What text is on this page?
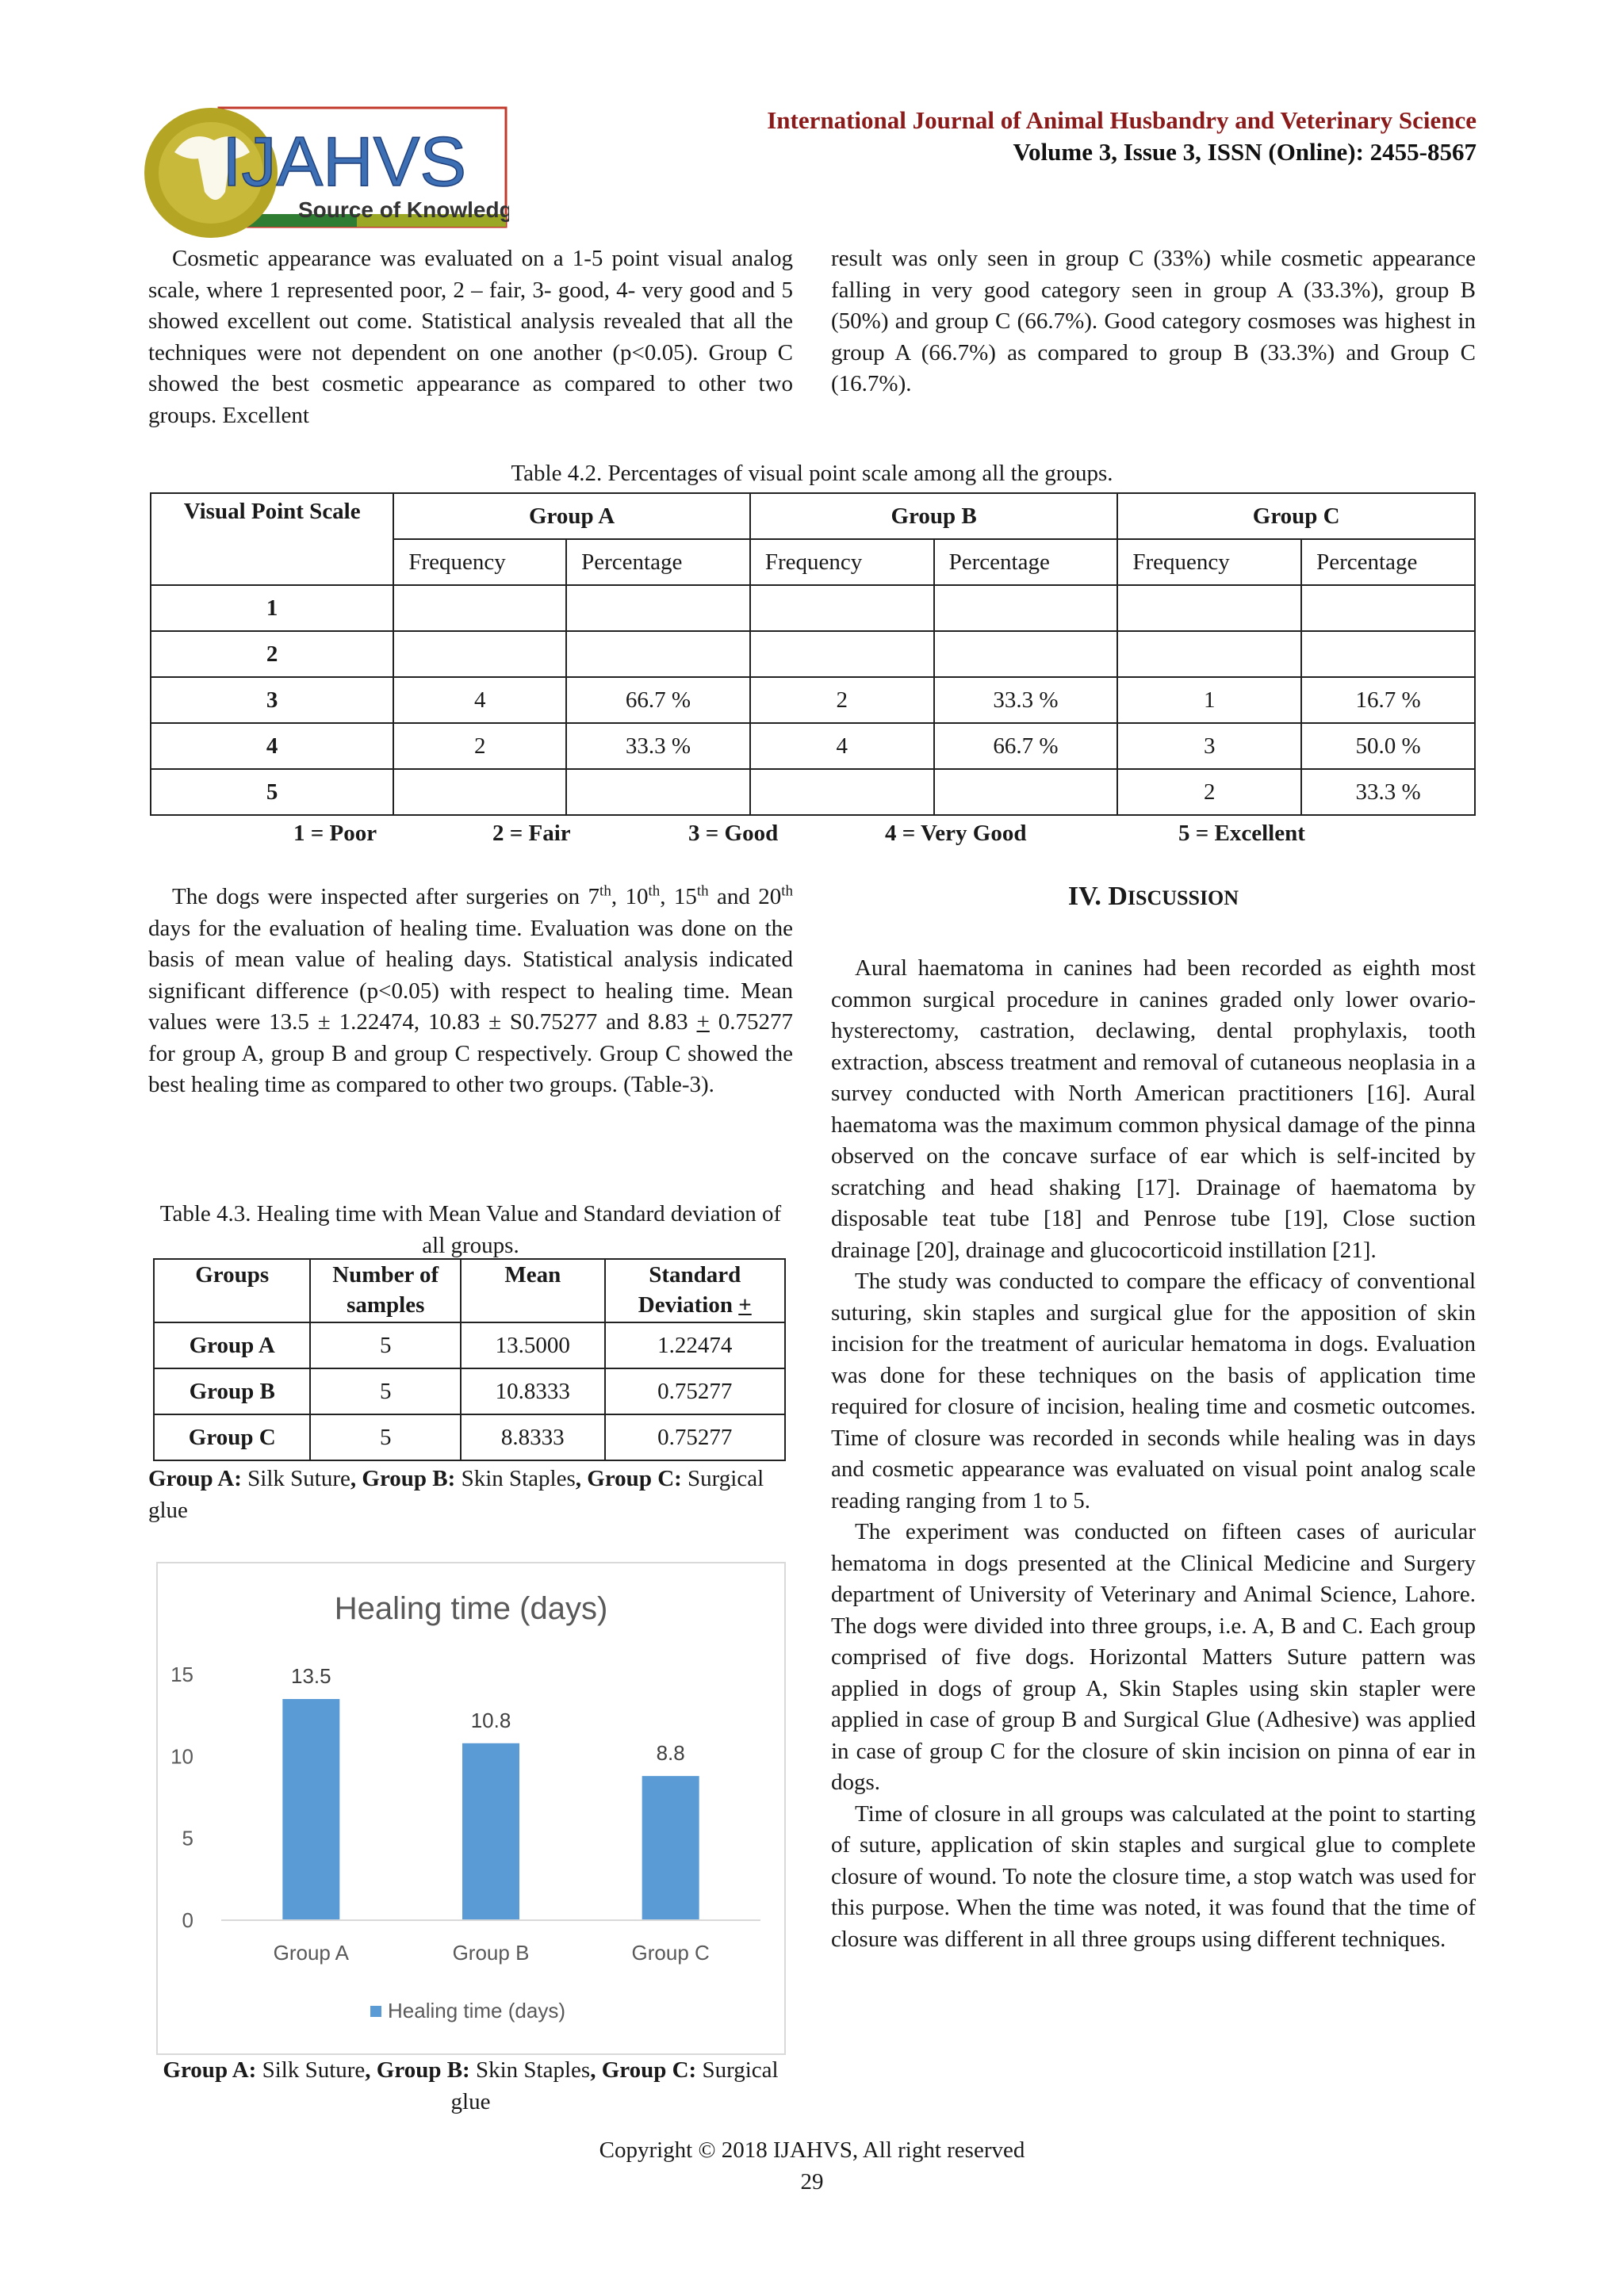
IJAHVS
Source of Knowledge
International Journal of Animal Husbandry and Veterinary Science
Volume 3, Issue 3, ISSN (Online): 2455-8567

Cosmetic appearance was evaluated on a 1-5 point visual analog scale, where 1 represented poor, 2 – fair, 3- good, 4- very good and 5 showed excellent out come. Statistical analysis revealed that all the techniques were not dependent on one another (p<0.05). Group C showed the best cosmetic appearance as compared to other two groups. Excellent

result was only seen in group C (33%) while cosmetic appearance falling in very good category seen in group A (33.3%), group B (50%) and group C (66.7%). Good category cosmoses was highest in group A (66.7%) as compared to group B (33.3%) and Group C (16.7%).

Table 4.2. Percentages of visual point scale among all the groups.
Visual Point Scale	Group A		Group B		Group C	
	Frequency	Percentage	Frequency	Percentage	Frequency	Percentage
1						
2						
3	4	66.7 %	2	33.3 %	1	16.7 %
4	2	33.3 %	4	66.7 %	3	50.0 %
5					2	33.3 %
1 = Poor	2 = Fair	3 = Good	4 = Very Good	5 = Excellent

The dogs were inspected after surgeries on 7th, 10th, 15th and 20th days for the evaluation of healing time. Evaluation was done on the basis of mean value of healing days. Statistical analysis indicated significant difference (p<0.05) with respect to healing time. Mean values were 13.5 ± 1.22474, 10.83 ± S0.75277 and 8.83 + 0.75277 for group A, group B and group C respectively. Group C showed the best healing time as compared to other two groups. (Table-3).

Table 4.3. Healing time with Mean Value and Standard deviation of all groups.
Groups	Number of samples	Mean	Standard Deviation +
Group A	5	13.5000	1.22474
Group B	5	10.8333	0.75277
Group C	5	8.8333	0.75277
Group A: Silk Suture, Group B: Skin Staples, Group C: Surgical glue
Healing time (days)
0
5
10
15	13.5
Group A
10.8
Group B
8.8
Group C
Healing time (days)
Group A: Silk Suture, Group B: Skin Staples, Group C: Surgical glue
IV. DISCUSSION

Aural haematoma in canines had been recorded as eighth most common surgical procedure in canines graded only lower ovario-hysterectomy, castration, declawing, dental prophylaxis, tooth extraction, abscess treatment and removal of cutaneous neoplasia in a survey conducted with North American practitioners [16]. Aural haematoma was the maximum common physical damage of the pinna observed on the concave surface of ear which is self-incited by scratching and head shaking [17]. Drainage of haematoma by disposable teat tube [18] and Penrose tube [19], Close suction drainage [20], drainage and glucocorticoid instillation [21].

The study was conducted to compare the efficacy of conventional suturing, skin staples and surgical glue for the apposition of skin incision for the treatment of auricular hematoma in dogs. Evaluation was done for these techniques on the basis of application time required for closure of incision, healing time and cosmetic outcomes. Time of closure was recorded in seconds while healing was in days and cosmetic appearance was evaluated on visual point analog scale reading ranging from 1 to 5.

The experiment was conducted on fifteen cases of auricular hematoma in dogs presented at the Clinical Medicine and Surgery department of University of Veterinary and Animal Science, Lahore. The dogs were divided into three groups, i.e. A, B and C. Each group comprised of five dogs. Horizontal Matters Suture pattern was applied in dogs of group A, Skin Staples using skin stapler were applied in case of group B and Surgical Glue (Adhesive) was applied in case of group C for the closure of skin incision on pinna of ear in dogs.

Time of closure in all groups was calculated at the point to starting of suture, application of skin staples and surgical glue to complete closure of wound. To note the closure time, a stop watch was used for this purpose. When the time was noted, it was found that the time of closure was different in all three groups using different techniques.

Copyright © 2018 IJAHVS, All right reserved
29
